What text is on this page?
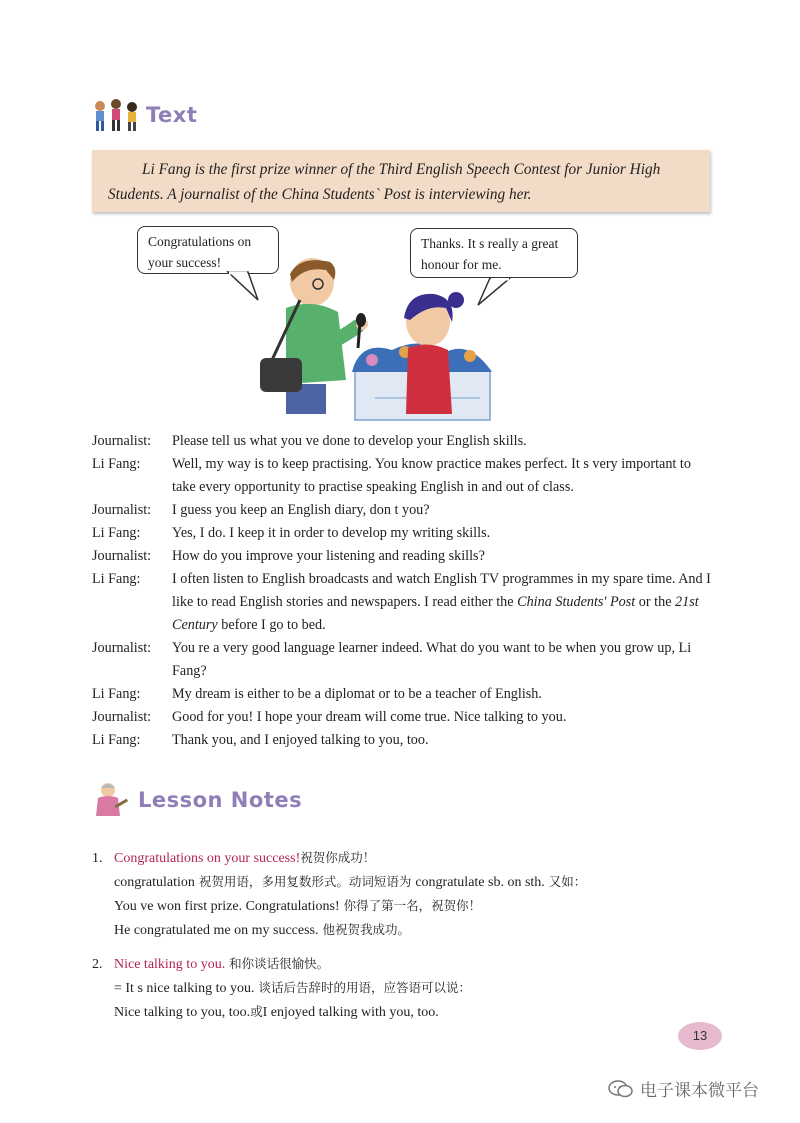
Text

Li Fang is the first prize winner of the Third English Speech Contest for Junior High Students. A journalist of the China Students` Post is interviewing her.

Congratulations on your success!
Thanks. It s really a great honour for me.
Journalist:	Please tell us what you ve done to develop your English skills.
Li Fang:	Well, my way is to keep practising. You know practice makes perfect. It s very important to take every opportunity to practise speaking English in and out of class.
Journalist:	I guess you keep an English diary, don t you?
Li Fang:	Yes, I do. I keep it in order to develop my writing skills.
Journalist:	How do you improve your listening and reading skills?
Li Fang:	I often listen to English broadcasts and watch English TV programmes in my spare time. And I like to read English stories and newspapers. I read either the China Students' Post or the 21st Century before I go to bed.
Journalist:	You re a very good language learner indeed. What do you want to be when you grow up, Li Fang?
Li Fang:	My dream is either to be a diplomat or to be a teacher of English.
Journalist:	Good for you! I hope your dream will come true. Nice talking to you.
Li Fang:	Thank you, and I enjoyed talking to you, too.
Lesson Notes
1. Congratulations on your success!祝贺你成功！
congratulation 祝贺用语，多用复数形式。动词短语为 congratulate sb. on sth. 又如：
You ve won first prize. Congratulations! 你得了第一名，祝贺你！
He congratulated me on my success. 他祝贺我成功。
2. Nice talking to you. 和你谈话很愉快。
= It s nice talking to you. 谈话后告辞时的用语，应答语可以说：
Nice talking to you, too.或I enjoyed talking with you, too.
13
电子课本微平台
